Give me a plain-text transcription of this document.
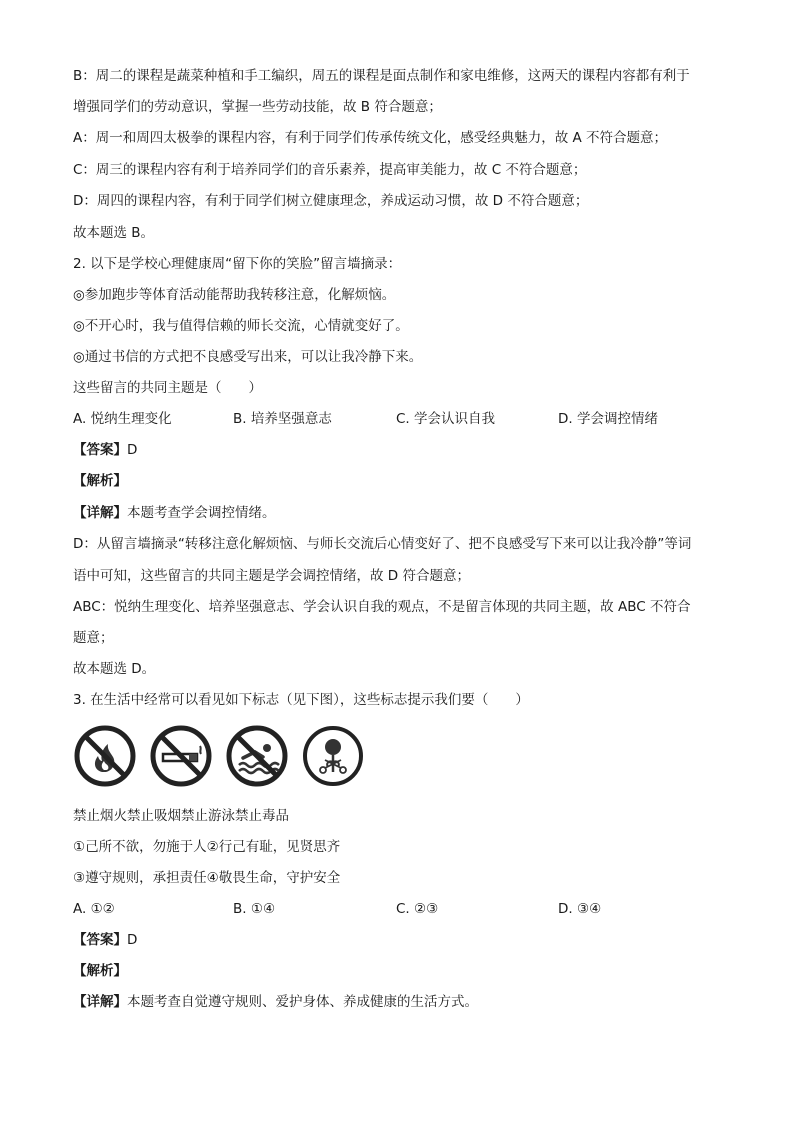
B：周二的课程是蔬菜种植和手工编织，周五的课程是面点制作和家电维修，这两天的课程内容都有利于
增强同学们的劳动意识，掌握一些劳动技能，故 B 符合题意；
A：周一和周四太极拳的课程内容，有利于同学们传承传统文化，感受经典魅力，故 A 不符合题意；
C：周三的课程内容有利于培养同学们的音乐素养，提高审美能力，故 C 不符合题意；
D：周四的课程内容，有利于同学们树立健康理念，养成运动习惯，故 D 不符合题意；
故本题选 B。
2. 以下是学校心理健康周“留下你的笑脸”留言墙摘录：
◎参加跑步等体育活动能帮助我转移注意，化解烦恼。
◎不开心时，我与值得信赖的师长交流，心情就变好了。
◎通过书信的方式把不良感受写出来，可以让我冷静下来。
这些留言的共同主题是（　　）
A. 悦纳生理变化	B. 培养坚强意志	C. 学会认识自我	D. 学会调控情绪
【答案】D
【解析】
【详解】本题考查学会调控情绪。
D：从留言墙摘录“转移注意化解烦恼、与师长交流后心情变好了、把不良感受写下来可以让我冷静”等词
语中可知，这些留言的共同主题是学会调控情绪，故 D 符合题意；
ABC：悦纳生理变化、培养坚强意志、学会认识自我的观点，不是留言体现的共同主题，故 ABC 不符合
题意；
故本题选 D。
3. 在生活中经常可以看见如下标志（见下图），这些标志提示我们要（　　）
禁止烟火禁止吸烟禁止游泳禁止毒品
①己所不欲，勿施于人②行己有耻，见贤思齐
③遵守规则，承担责任④敬畏生命，守护安全
A. ①②	B. ①④	C. ②③	D. ③④
【答案】D
【解析】
【详解】本题考查自觉遵守规则、爱护身体、养成健康的生活方式。
